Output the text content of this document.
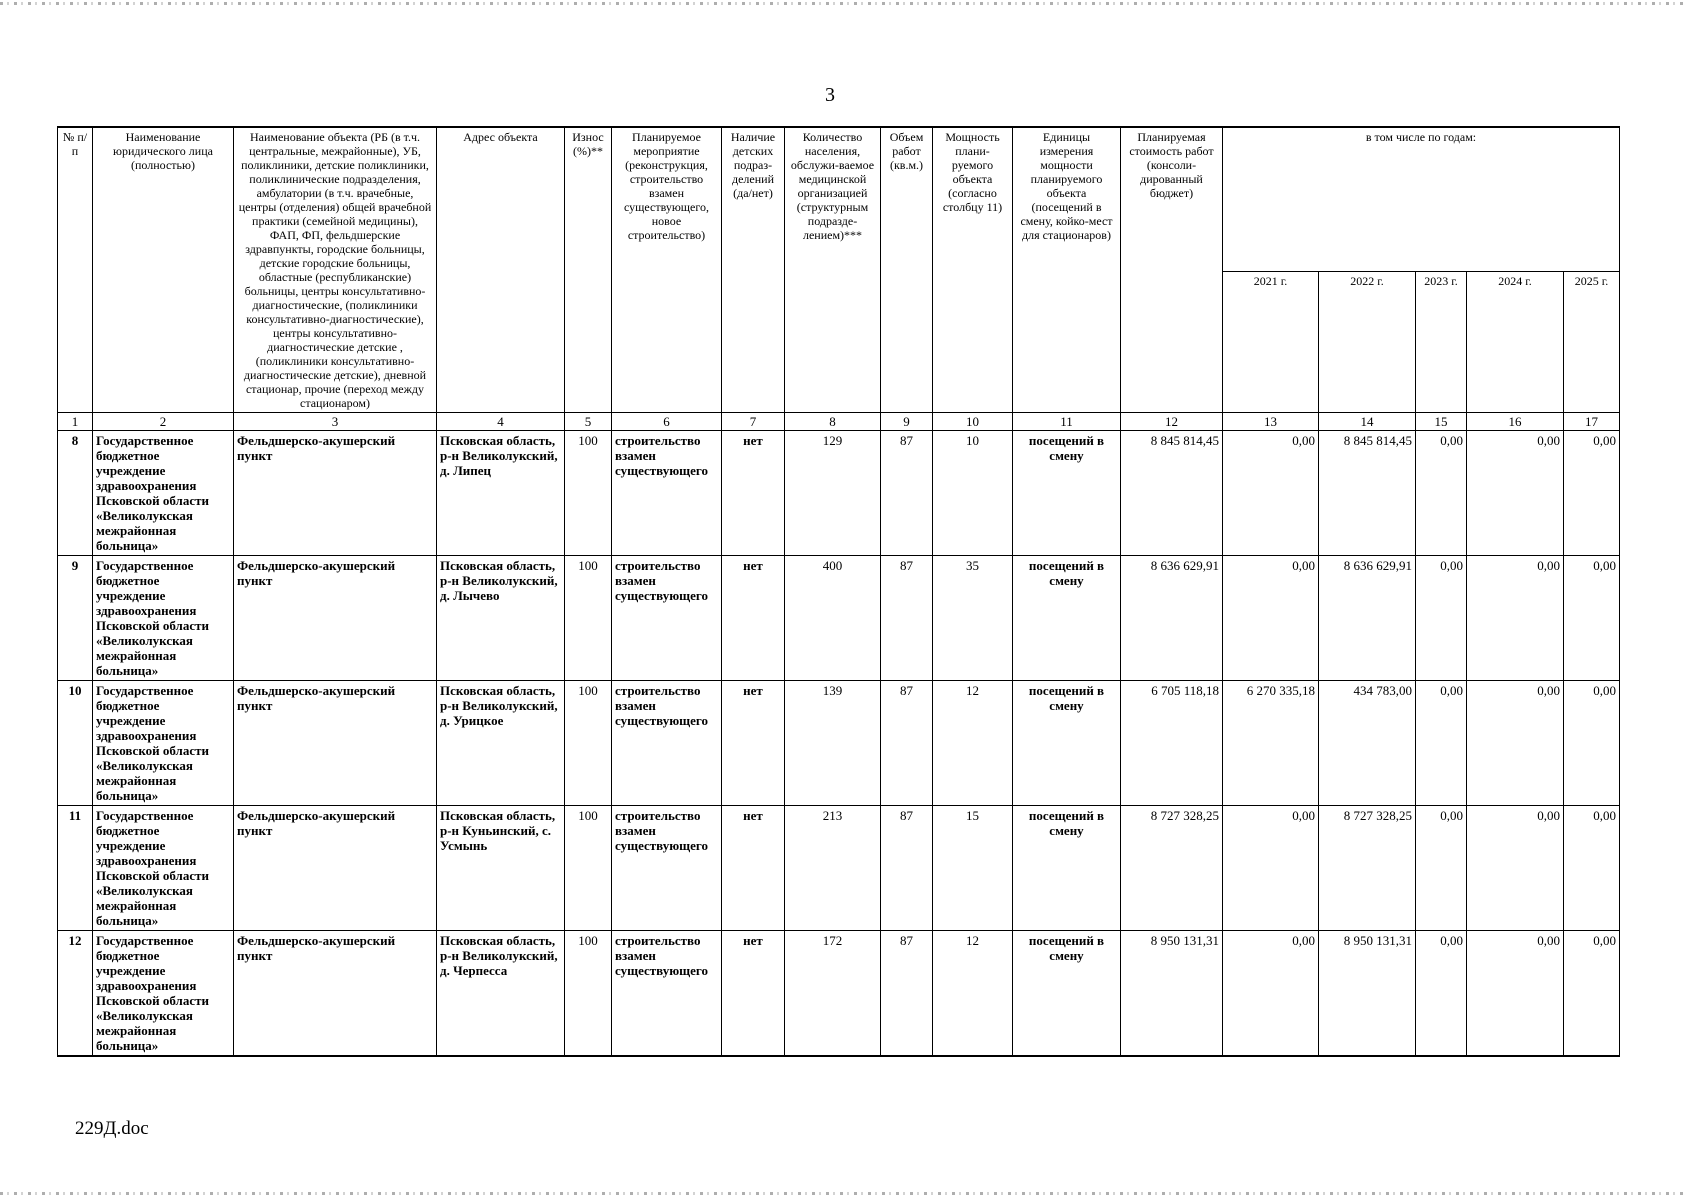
3
№ п/п	Наименование юридического лица (полностью)	Наименование объекта (РБ (в т.ч. центральные, межрайонные), УБ, поликлиники, детские поликлиники, поликлинические подразделения, амбулатории (в т.ч. врачебные, центры (отделения) общей врачебной практики (семейной медицины), ФАП, ФП, фельдшерские здравпункты, городские больницы, детские городские больницы, областные (республиканские) больницы, центры консультативно-диагностические, (поликлиники консультативно-диагностические), центры консультативно-диагностические детские , (поликлиники консультативно-диагностические детские), дневной стационар, прочие (переход между стационаром)	Адрес объекта	Износ (%)**	Планируемое мероприятие (реконструкция, строительство взамен существующего, новое строительство)	Наличие детских подраз-делений (да/нет)	Количество населения, обслужи-ваемое медицинской организацией (структурным подразде-лением)***	Объем работ (кв.м.)	Мощность плани-руемого объекта (согласно столбцу 11)	Единицы измерения мощности планируемого объекта (посещений в смену, койко-мест для стационаров)	Планируемая стоимость работ (консоли-дированный бюджет)	в том числе по годам:				
												2021 г.	2022 г.	2023 г.	2024 г.	2025 г.
1	2	3	4	5	6	7	8	9	10	11	12	13	14	15	16	17
8	Государственное бюджетное учреждение здравоохранения Псковской области «Великолукская межрайонная больница»	Фельдшерско-акушерский пункт	Псковская область, р-н Великолукский, д. Липец	100	строительство взамен существующего	нет	129	87	10	посещений в смену	8 845 814,45	0,00	8 845 814,45	0,00	0,00	0,00
9	Государственное бюджетное учреждение здравоохранения Псковской области «Великолукская межрайонная больница»	Фельдшерско-акушерский пункт	Псковская область, р-н Великолукский, д. Лычево	100	строительство взамен существующего	нет	400	87	35	посещений в смену	8 636 629,91	0,00	8 636 629,91	0,00	0,00	0,00
10	Государственное бюджетное учреждение здравоохранения Псковской области «Великолукская межрайонная больница»	Фельдшерско-акушерский пункт	Псковская область, р-н Великолукский, д. Урицкое	100	строительство взамен существующего	нет	139	87	12	посещений в смену	6 705 118,18	6 270 335,18	434 783,00	0,00	0,00	0,00
11	Государственное бюджетное учреждение здравоохранения Псковской области «Великолукская межрайонная больница»	Фельдшерско-акушерский пункт	Псковская область, р-н Куньинский, с. Усмынь	100	строительство взамен существующего	нет	213	87	15	посещений в смену	8 727 328,25	0,00	8 727 328,25	0,00	0,00	0,00
12	Государственное бюджетное учреждение здравоохранения Псковской области «Великолукская межрайонная больница»	Фельдшерско-акушерский пункт	Псковская область, р-н Великолукский, д. Черпесса	100	строительство взамен существующего	нет	172	87	12	посещений в смену	8 950 131,31	0,00	8 950 131,31	0,00	0,00	0,00
229Д.doc
